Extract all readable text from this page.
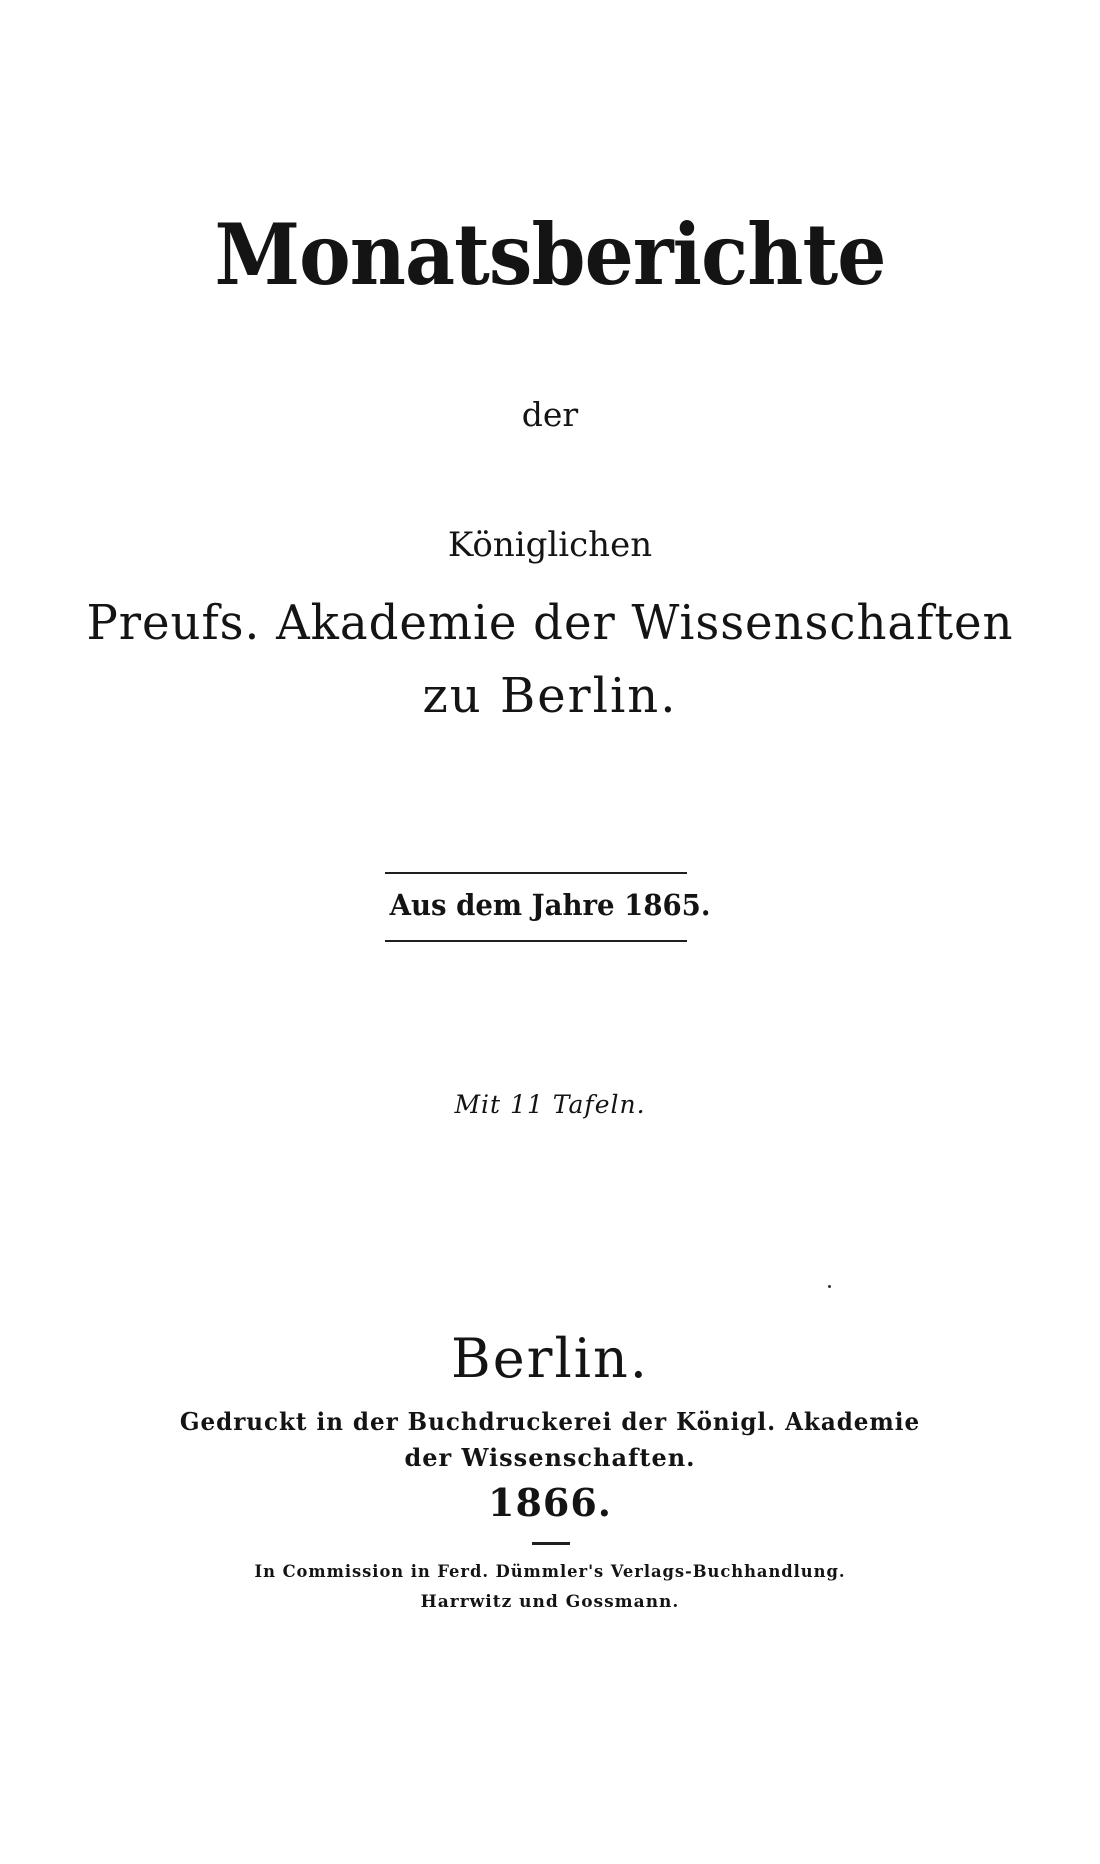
Monatsberichte
der
Königlichen
Preufs. Akademie der Wissenschaften
zu Berlin.
Aus dem Jahre 1865.
Mit 11 Tafeln.
Berlin.
Gedruckt in der Buchdruckerei der Königl. Akademie
der Wissenschaften.
1866.
In Commission in Ferd. Dümmler's Verlags-Buchhandlung.
Harrwitz und Gossmann.
